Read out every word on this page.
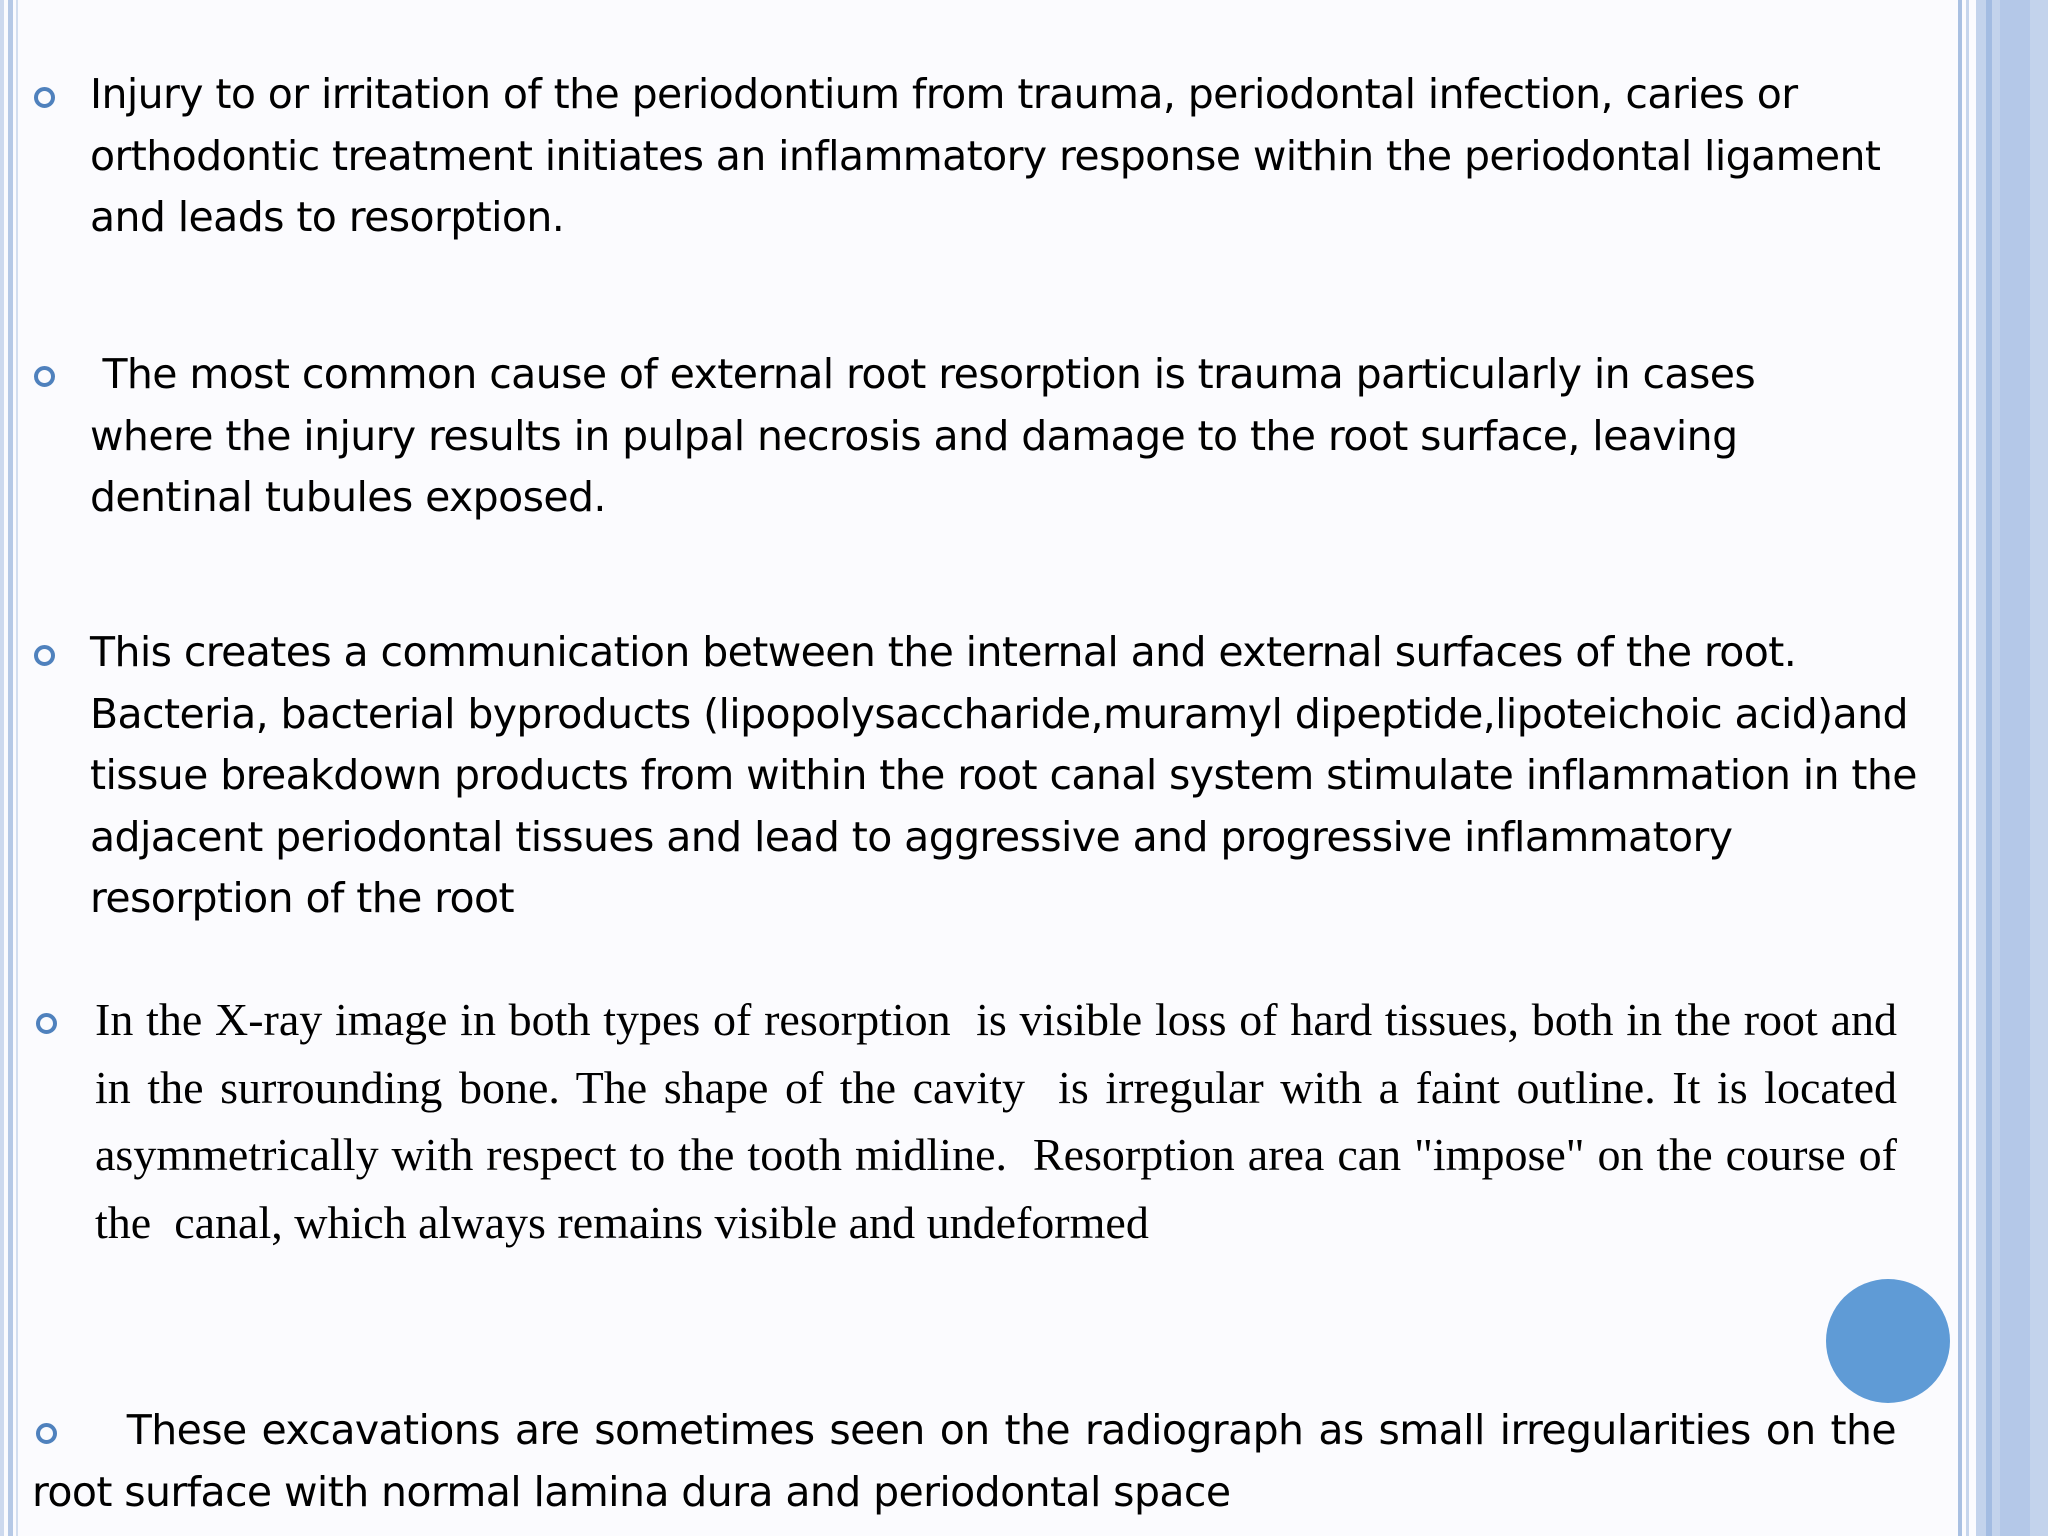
Injury to or irritation of the periodontium from trauma, periodontal infection, caries or orthodontic treatment initiates an inflammatory response within the periodontal ligament and leads to resorption.

The most common cause of external root resorption is trauma particularly in cases where the injury results in pulpal necrosis and damage to the root surface, leaving dentinal tubules exposed.

This creates a communication between the internal and external surfaces of the root. Bacteria, bacterial byproducts (lipopolysaccharide,muramyl dipeptide,lipoteichoic acid)and tissue breakdown products from within the root canal system stimulate inflammation in the adjacent periodontal tissues and lead to aggressive and progressive inflammatory resorption of the root

In the X-ray image in both types of resorption  is visible loss of hard tissues, both in the root and  in the surrounding bone. The shape of the cavity  is irregular with a faint outline. It is located  asymmetrically with respect to the tooth midline.  Resorption area can "impose" on the course of the  canal, which always remains visible and undeformed

These excavations are sometimes seen on the radiograph as small irregularities on the root surface with normal lamina dura and periodontal space
